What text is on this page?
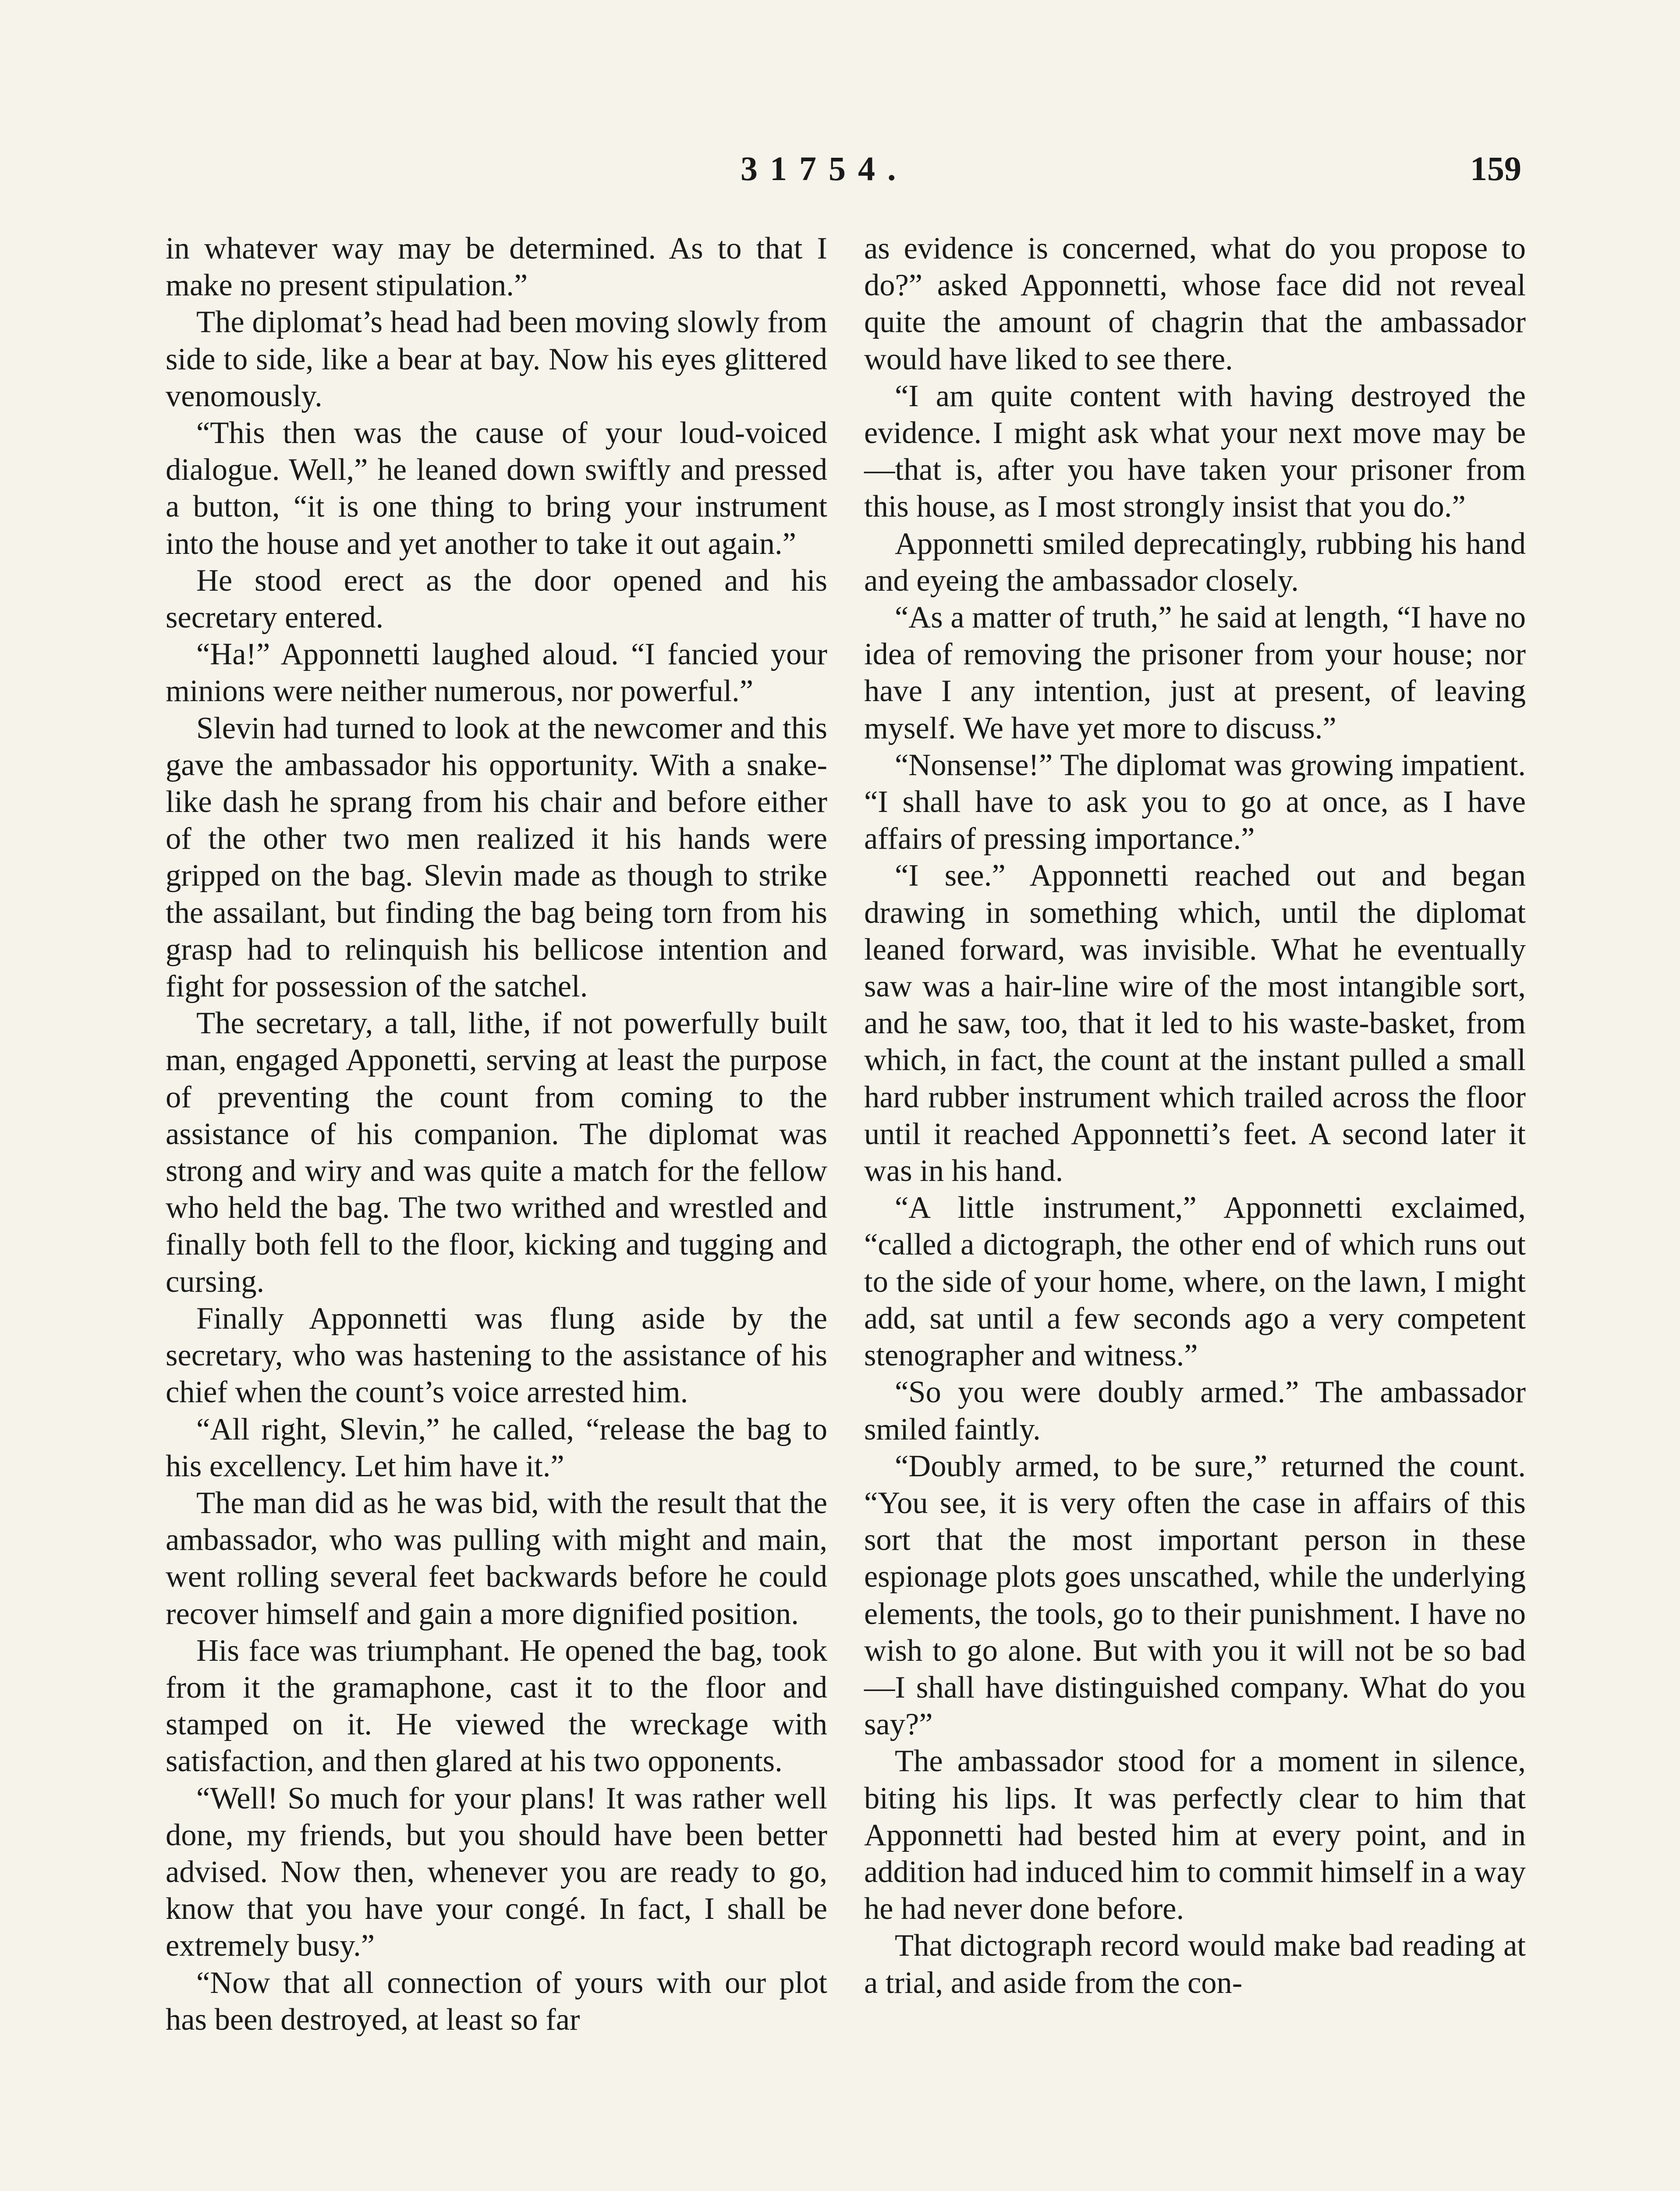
31754.	159

in whatever way may be determined. As to that I make no present stipulation.”

The diplomat’s head had been moving slowly from side to side, like a bear at bay. Now his eyes glittered venomously.

“This then was the cause of your loud-voiced dialogue. Well,” he leaned down swiftly and pressed a button, “it is one thing to bring your instrument into the house and yet another to take it out again.”

He stood erect as the door opened and his secretary entered.

“Ha!” Apponnetti laughed aloud. “I fancied your minions were neither numerous, nor powerful.”

Slevin had turned to look at the newcomer and this gave the ambassador his opportunity. With a snake-like dash he sprang from his chair and before either of the other two men realized it his hands were gripped on the bag. Slevin made as though to strike the assailant, but finding the bag being torn from his grasp had to relinquish his bellicose intention and fight for possession of the satchel.

The secretary, a tall, lithe, if not powerfully built man, engaged Apponetti, serving at least the purpose of preventing the count from coming to the assistance of his companion. The diplomat was strong and wiry and was quite a match for the fellow who held the bag. The two writhed and wrestled and finally both fell to the floor, kicking and tugging and cursing.

Finally Apponnetti was flung aside by the secretary, who was hastening to the assistance of his chief when the count’s voice arrested him.

“All right, Slevin,” he called, “release the bag to his excellency. Let him have it.”

The man did as he was bid, with the result that the ambassador, who was pulling with might and main, went rolling several feet backwards before he could recover himself and gain a more dignified position.

His face was triumphant. He opened the bag, took from it the gramaphone, cast it to the floor and stamped on it. He viewed the wreckage with satisfaction, and then glared at his two opponents.

“Well! So much for your plans! It was rather well done, my friends, but you should have been better advised. Now then, whenever you are ready to go, know that you have your congé. In fact, I shall be extremely busy.”

“Now that all connection of yours with our plot has been destroyed, at least so far

as evidence is concerned, what do you propose to do?” asked Apponnetti, whose face did not reveal quite the amount of chagrin that the ambassador would have liked to see there.

“I am quite content with having destroyed the evidence. I might ask what your next move may be—that is, after you have taken your prisoner from this house, as I most strongly insist that you do.”

Apponnetti smiled deprecatingly, rubbing his hand and eyeing the ambassador closely.

“As a matter of truth,” he said at length, “I have no idea of removing the prisoner from your house; nor have I any intention, just at present, of leaving myself. We have yet more to discuss.”

“Nonsense!” The diplomat was growing impatient. “I shall have to ask you to go at once, as I have affairs of pressing importance.”

“I see.” Apponnetti reached out and began drawing in something which, until the diplomat leaned forward, was invisible. What he eventually saw was a hair-line wire of the most intangible sort, and he saw, too, that it led to his waste-basket, from which, in fact, the count at the instant pulled a small hard rubber instrument which trailed across the floor until it reached Apponnetti’s feet. A second later it was in his hand.

“A little instrument,” Apponnetti exclaimed, “called a dictograph, the other end of which runs out to the side of your home, where, on the lawn, I might add, sat until a few seconds ago a very competent stenographer and witness.”

“So you were doubly armed.” The ambassador smiled faintly.

“Doubly armed, to be sure,” returned the count. “You see, it is very often the case in affairs of this sort that the most important person in these espionage plots goes unscathed, while the underlying elements, the tools, go to their punishment. I have no wish to go alone. But with you it will not be so bad—I shall have distinguished company. What do you say?”

The ambassador stood for a moment in silence, biting his lips. It was perfectly clear to him that Apponnetti had bested him at every point, and in addition had induced him to commit himself in a way he had never done before.

That dictograph record would make bad reading at a trial, and aside from the con-
